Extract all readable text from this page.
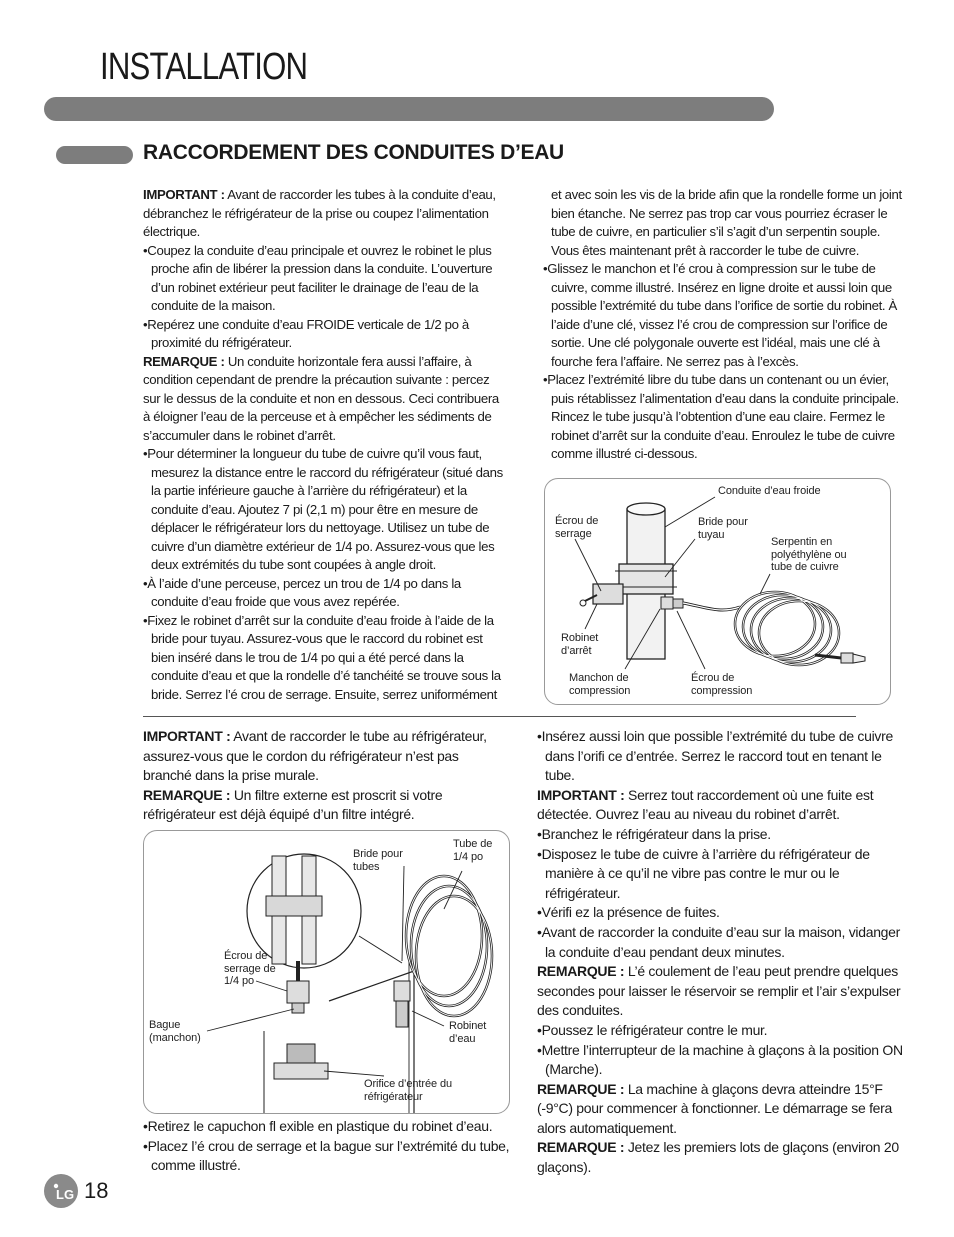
INSTALLATION
RACCORDEMENT DES CONDUITES D’EAU

IMPORTANT : Avant de raccorder les tubes à la conduite d’eau, débranchez le réfrigérateur de la prise ou coupez l’alimentation électrique.

•Coupez la conduite d’eau principale et ouvrez le robinet le plus proche afin de libérer la pression dans la conduite. L’ouverture d’un robinet extérieur peut faciliter le drainage de l’eau de la conduite de la maison.

•Repérez une conduite d’eau FROIDE verticale de 1/2 po à proximité du réfrigérateur.

REMARQUE : Un conduite horizontale fera aussi l’affaire, à condition cependant de prendre la précaution suivante : percez sur le dessus de la conduite et non en dessous. Ceci contribuera à éloigner l’eau de la perceuse et à empêcher les sédiments de s’accumuler dans le robinet d’arrêt.

•Pour déterminer la longueur du tube de cuivre qu’il vous faut, mesurez la distance entre le raccord du réfrigérateur (situé dans la partie inférieure gauche à l’arrière du réfrigérateur) et la conduite d’eau. Ajoutez 7 pi (2,1 m) pour être en mesure de déplacer le réfrigérateur lors du nettoyage. Utilisez un tube de cuivre d’un diamètre extérieur de 1/4 po. Assurez-vous que les deux extrémités du tube sont coupées à angle droit.

•À l’aide d’une perceuse, percez un trou de 1/4 po dans la conduite d’eau froide que vous avez repérée.

•Fixez le robinet d’arrêt sur la conduite d’eau froide à l’aide de la bride pour tuyau. Assurez-vous que le raccord du robinet est bien inséré dans le trou de 1/4 po qui a été percé dans la conduite d’eau et que la rondelle d’é tanchéité se trouve sous la bride. Serrez l’é crou de serrage. Ensuite, serrez uniformément

et avec soin les vis de la bride afin que la rondelle forme un joint bien étanche. Ne serrez pas trop car vous pourriez écraser le tube de cuivre, en particulier s’il s’agit d’un serpentin souple. Vous êtes maintenant prêt à raccorder le tube de cuivre.

•Glissez le manchon et l’é crou à compression sur le tube de cuivre, comme illustré. Insérez en ligne droite et aussi loin que possible l’extrémité du tube dans l’orifice de sortie du robinet. À l’aide d’une clé, vissez l’é crou de compression sur l’orifice de sortie. Une clé polygonale ouverte est l’idéal, mais une clé à fourche fera l’affaire. Ne serrez pas à l’excès.

•Placez l’extrémité libre du tube dans un contenant ou un évier, puis rétablissez l’alimentation d’eau dans la conduite principale. Rincez le tube jusqu’à l’obtention d’une eau claire. Fermez le robinet d’arrêt sur la conduite d’eau. Enroulez le tube de cuivre comme illustré ci-dessous.

Conduite d’eau froide
Écrou de
serrage
Bride pour
tuyau
Serpentin en
polyéthylène ou
tube de cuivre
Robinet
d’arrêt
Manchon de
compression
Écrou de
compression

IMPORTANT : Avant de raccorder le tube au réfrigérateur, assurez-vous que le cordon du réfrigérateur n’est pas branché dans la prise murale.

REMARQUE : Un filtre externe est proscrit si votre réfrigérateur est déjà équipé d’un filtre intégré.

Bride pour
tubes
Tube de
1/4 po
Écrou de
serrage de
1/4 po
Bague
(manchon)
Robinet
d’eau
Orifice d’entrée du
réfrigérateur

•Retirez le capuchon fl exible en plastique du robinet d’eau.

•Placez l’é crou de serrage et la bague sur l’extrémité du tube, comme illustré.

•Insérez aussi loin que possible l’extrémité du tube de cuivre dans l’orifi ce d’entrée. Serrez le raccord tout en tenant le tube.

IMPORTANT : Serrez tout raccordement où une fuite est détectée. Ouvrez l’eau au niveau du robinet d’arrêt.

•Branchez le réfrigérateur dans la prise.

•Disposez le tube de cuivre à l’arrière du réfrigérateur de manière à ce qu’il ne vibre pas contre le mur ou le réfrigérateur.

•Vérifi ez la présence de fuites.

•Avant de raccorder la conduite d’eau sur la maison, vidanger la conduite d’eau pendant deux minutes.

REMARQUE : L’é coulement de l’eau peut prendre quelques secondes pour laisser le réservoir se remplir et l’air s’expulser des conduites.

•Poussez le réfrigérateur contre le mur.

•Mettre l’interrupteur de la machine à glaçons à la position ON (Marche).

REMARQUE : La machine à glaçons devra atteindre 15°F (-9°C) pour commencer à fonctionner. Le démarrage se fera alors automatiquement.

REMARQUE : Jetez les premiers lots de glaçons (environ 20 glaçons).

LG 18
